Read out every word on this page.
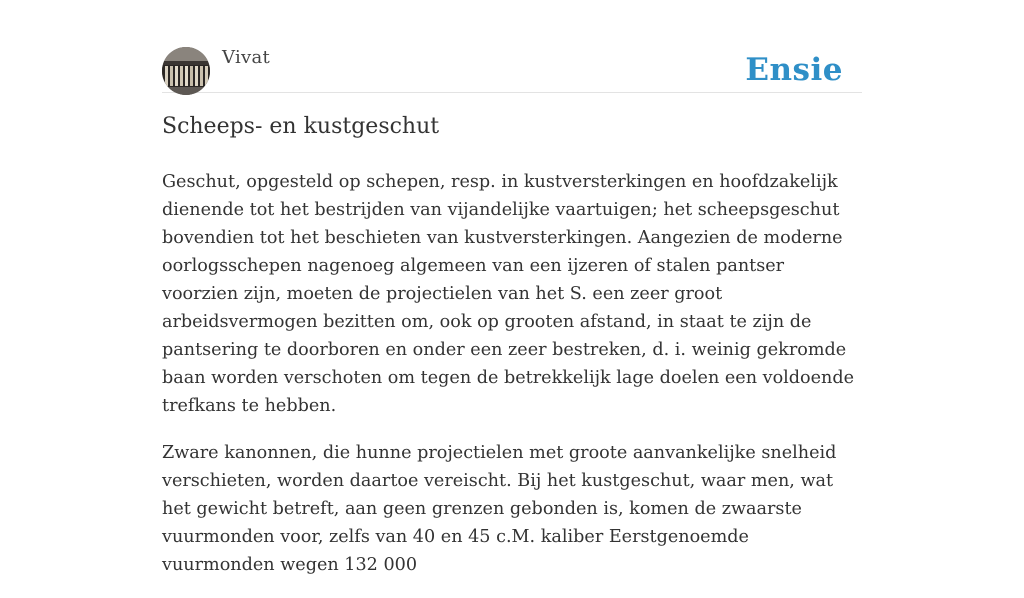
Vivat	Ensie
Scheeps- en kustgeschut

Geschut, opgesteld op schepen, resp. in kustversterkingen en hoofdzakelijk dienende tot het bestrijden van vijandelijke vaartuigen; het scheepsgeschut bovendien tot het beschieten van kustversterkingen. Aangezien de moderne oorlogsschepen nagenoeg algemeen van een ijzeren of stalen pantser voorzien zijn, moeten de projectielen van het S. een zeer groot arbeidsvermogen bezitten om, ook op grooten afstand, in staat te zijn de pantsering te doorboren en onder een zeer bestreken, d. i. weinig gekromde baan worden verschoten om tegen de betrekkelijk lage doelen een voldoende trefkans te hebben.

Zware kanonnen, die hunne projectielen met groote aanvankelijke snelheid verschieten, worden daartoe vereischt. Bij het kustgeschut, waar men, wat het gewicht betreft, aan geen grenzen gebonden is, komen de zwaarste vuurmonden voor, zelfs van 40 en 45 c.M. kaliber Eerstgenoemde vuurmonden wegen 132 000
